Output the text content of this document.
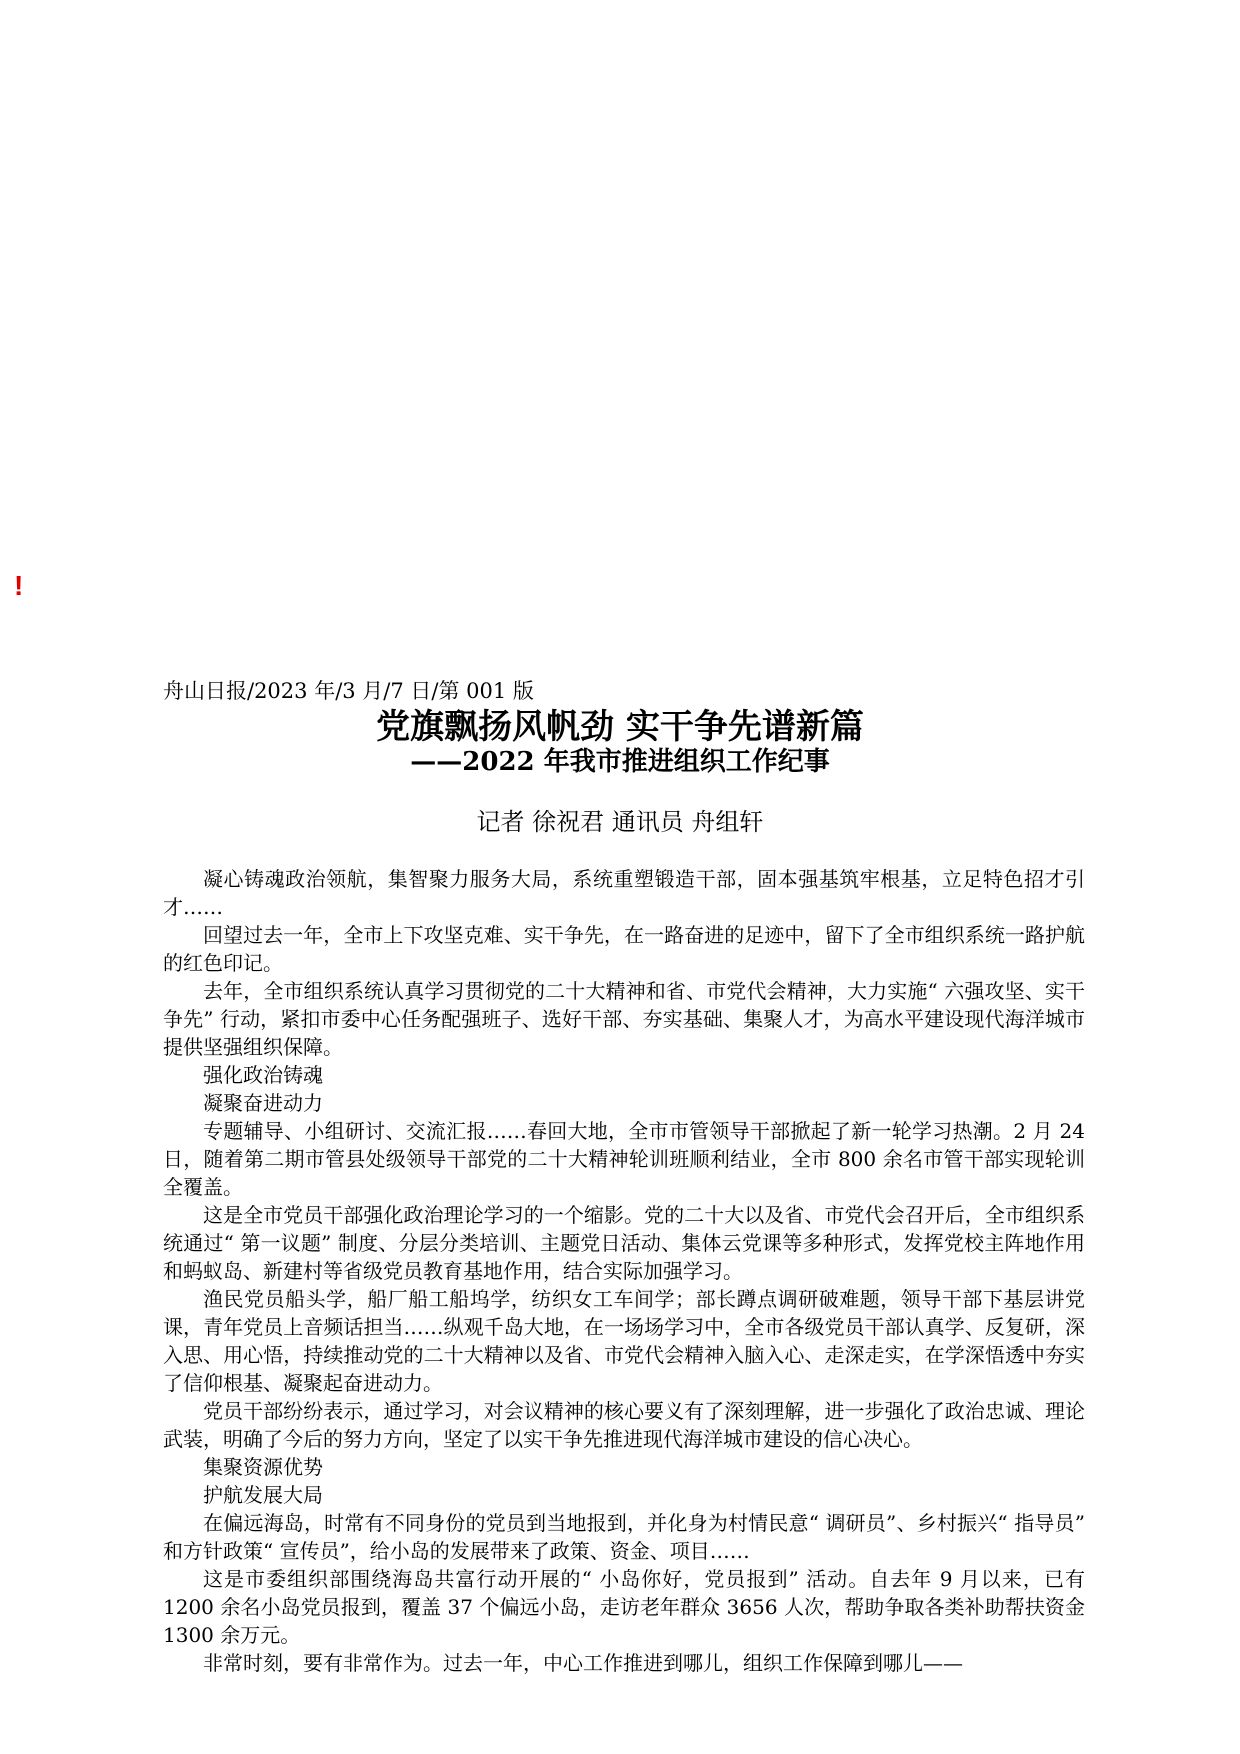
!
舟山日报/2023 年/3 月/7 日/第 001 版
党旗飘扬风帆劲 实干争先谱新篇
——2022 年我市推进组织工作纪事
记者 徐祝君 通讯员 舟组轩

凝心铸魂政治领航，集智聚力服务大局，系统重塑锻造干部，固本强基筑牢根基，立足特色招才引才……

回望过去一年，全市上下攻坚克难、实干争先，在一路奋进的足迹中，留下了全市组织系统一路护航的红色印记。

去年，全市组织系统认真学习贯彻党的二十大精神和省、市党代会精神，大力实施“ 六强攻坚、实干争先” 行动，紧扣市委中心任务配强班子、选好干部、夯实基础、集聚人才，为高水平建设现代海洋城市提供坚强组织保障。

强化政治铸魂

凝聚奋进动力

专题辅导、小组研讨、交流汇报……春回大地，全市市管领导干部掀起了新一轮学习热潮。2 月 24 日，随着第二期市管县处级领导干部党的二十大精神轮训班顺利结业，全市 800 余名市管干部实现轮训全覆盖。

这是全市党员干部强化政治理论学习的一个缩影。党的二十大以及省、市党代会召开后，全市组织系统通过“ 第一议题” 制度、分层分类培训、主题党日活动、集体云党课等多种形式，发挥党校主阵地作用和蚂蚁岛、新建村等省级党员教育基地作用，结合实际加强学习。

渔民党员船头学，船厂船工船坞学，纺织女工车间学；部长蹲点调研破难题，领导干部下基层讲党课，青年党员上音频话担当……纵观千岛大地，在一场场学习中，全市各级党员干部认真学、反复研，深入思、用心悟，持续推动党的二十大精神以及省、市党代会精神入脑入心、走深走实，在学深悟透中夯实了信仰根基、凝聚起奋进动力。

党员干部纷纷表示，通过学习，对会议精神的核心要义有了深刻理解，进一步强化了政治忠诚、理论武装，明确了今后的努力方向，坚定了以实干争先推进现代海洋城市建设的信心决心。

集聚资源优势

护航发展大局

在偏远海岛，时常有不同身份的党员到当地报到，并化身为村情民意“ 调研员”、乡村振兴“ 指导员” 和方针政策“ 宣传员”，给小岛的发展带来了政策、资金、项目……

这是市委组织部围绕海岛共富行动开展的“ 小岛你好，党员报到” 活动。自去年 9 月以来，已有 1200 余名小岛党员报到，覆盖 37 个偏远小岛，走访老年群众 3656 人次，帮助争取各类补助帮扶资金 1300 余万元。

非常时刻，要有非常作为。过去一年，中心工作推进到哪儿，组织工作保障到哪儿——
